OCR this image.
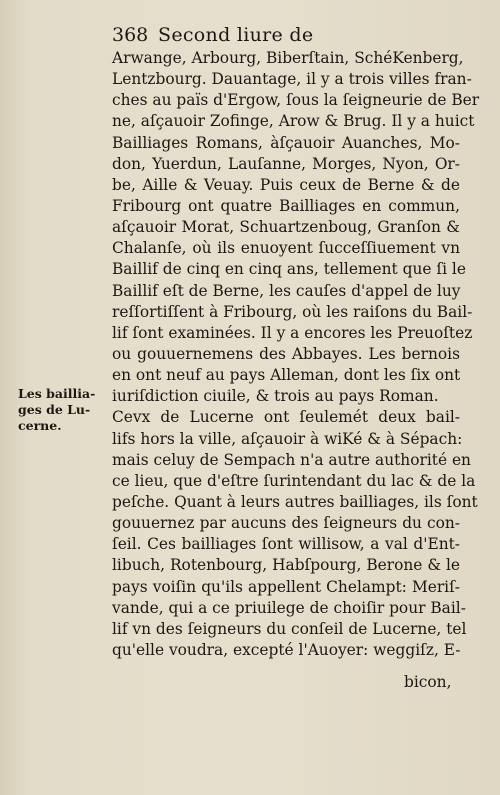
368 Second liure de
Arwange, Arbourg, Biberſtain, SchéKenberg,
Lentzbourg. Dauantage, il y a trois villes fran-
ches au païs d'Ergow, ſous la ſeigneurie de Ber
ne, aſçauoir Zofinge, Arow & Brug. Il y a huict
Bailliages Romans, àſçauoir Auanches, Mo-
don, Yuerdun, Lauſanne, Morges, Nyon, Or-
be, Aille & Veuay. Puis ceux de Berne & de
Fribourg ont quatre Bailliages en commun,
aſçauoir Morat, Schuartzenboug, Granſon &
Chalanſe, où ils enuoyent ſucceſſiuement vn
Baillif de cinq en cinq ans, tellement que ſi le
Baillif eſt de Berne, les cauſes d'appel de luy
reſſortiſſent à Fribourg, où les raiſons du Bail-
lif ſont examinées. Il y a encores les Preuoſtez
ou gouuernemens des Abbayes. Les bernois
en ont neuf au pays Alleman, dont les ſix ont
iuriſdiction ciuile, & trois au pays Roman.
Cevx de Lucerne ont ſeulemét deux bail-
lifs hors la ville, aſçauoir à wiKé & à Sépach:
mais celuy de Sempach n'a autre authorité en
ce lieu, que d'eſtre ſurintendant du lac & de la
peſche. Quant à leurs autres bailliages, ils ſont
gouuernez par aucuns des ſeigneurs du con-
ſeil. Ces bailliages ſont willisow, a val d'Ent-
libuch, Rotenbourg, Habſpourg, Berone & le
pays voiſin qu'ils appellent Chelampt: Meriſ-
vande, qui a ce priuilege de choiſir pour Bail-
lif vn des ſeigneurs du conſeil de Lucerne, tel
qu'elle voudra, excepté l'Auoyer: weggiſz, E-
Les baillia-
ges de Lu-
cerne.
bicon,
